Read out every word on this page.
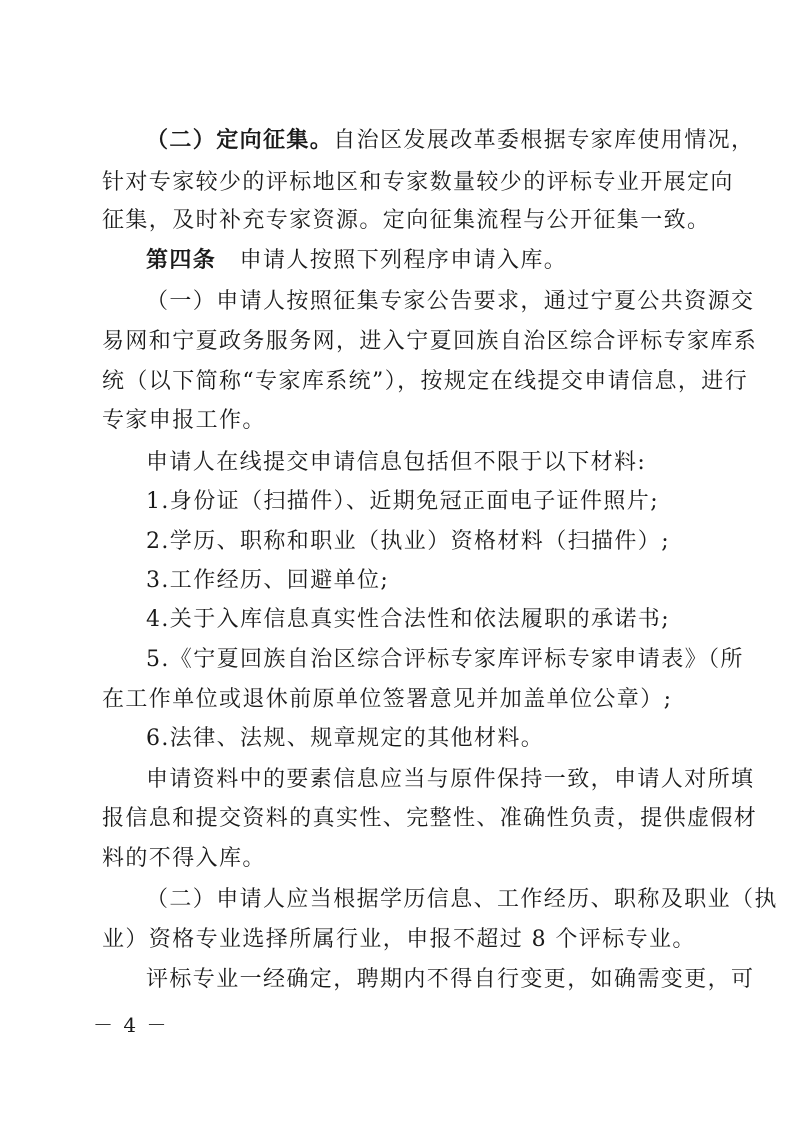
（二）定向征集。自治区发展改革委根据专家库使用情况，
针对专家较少的评标地区和专家数量较少的评标专业开展定向
征集，及时补充专家资源。定向征集流程与公开征集一致。
第四条　申请人按照下列程序申请入库。
（一）申请人按照征集专家公告要求，通过宁夏公共资源交
易网和宁夏政务服务网，进入宁夏回族自治区综合评标专家库系
统（以下简称“专家库系统”），按规定在线提交申请信息，进行
专家申报工作。
申请人在线提交申请信息包括但不限于以下材料:
1.身份证（扫描件）、近期免冠正面电子证件照片;
2.学历、职称和职业（执业）资格材料（扫描件）;
3.工作经历、回避单位;
4.关于入库信息真实性合法性和依法履职的承诺书;
5.《宁夏回族自治区综合评标专家库评标专家申请表》（所
在工作单位或退休前原单位签署意见并加盖单位公章）;
6.法律、法规、规章规定的其他材料。
申请资料中的要素信息应当与原件保持一致，申请人对所填
报信息和提交资料的真实性、完整性、准确性负责，提供虚假材
料的不得入库。
（二）申请人应当根据学历信息、工作经历、职称及职业（执
业）资格专业选择所属行业，申报不超过 8 个评标专业。
评标专业一经确定，聘期内不得自行变更，如确需变更，可
－ 4 －
